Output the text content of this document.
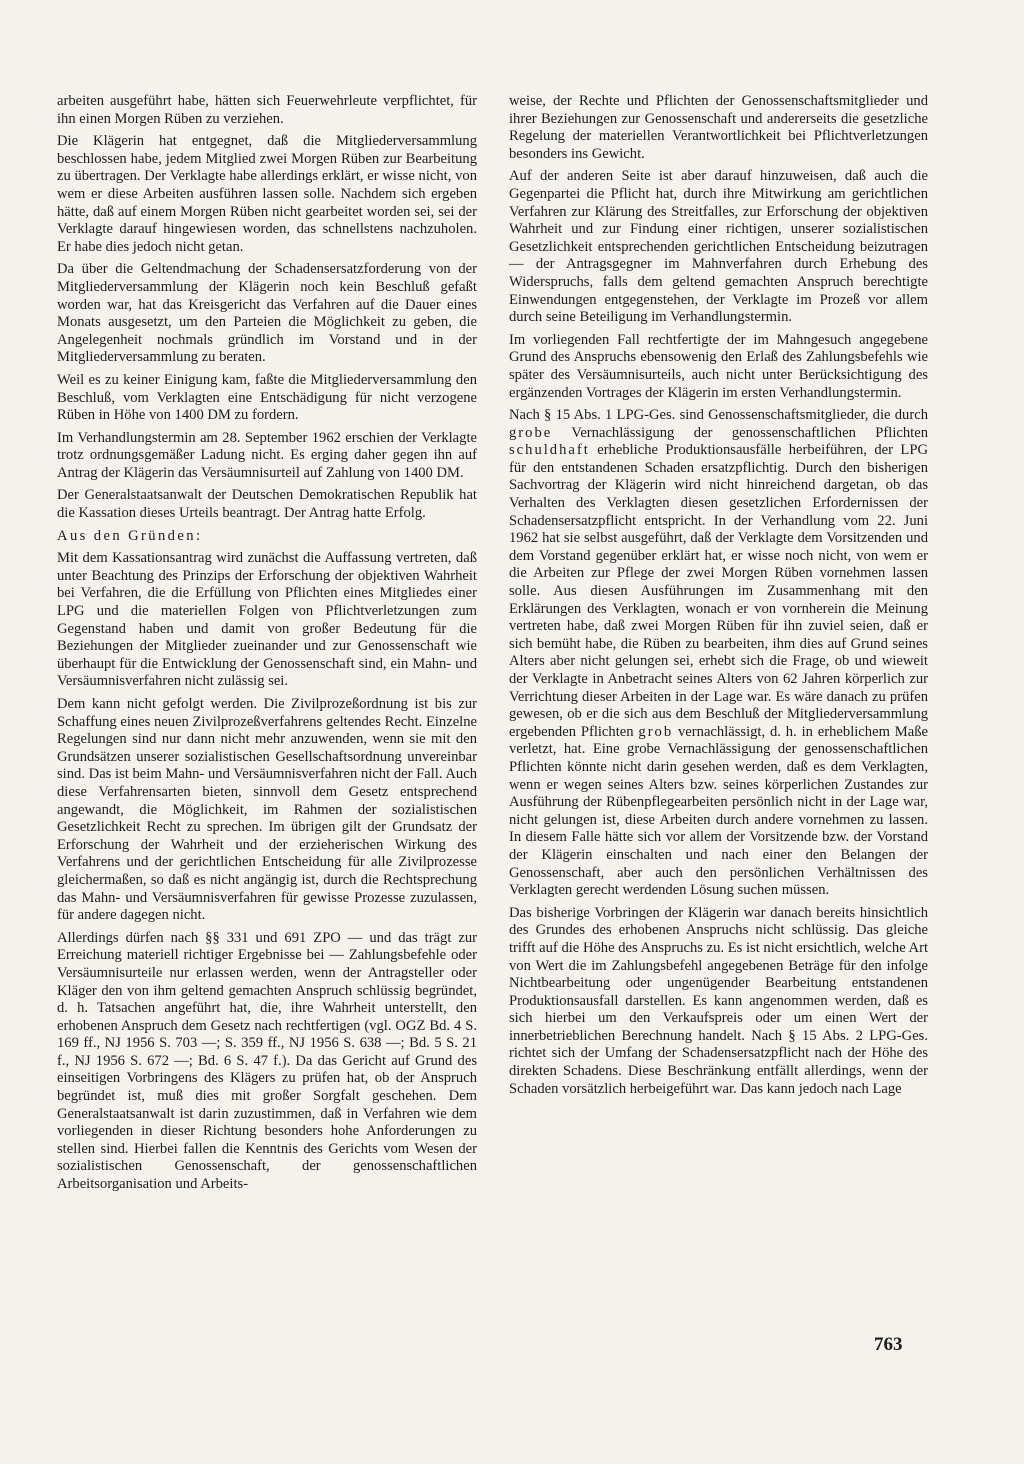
arbeiten ausgeführt habe, hätten sich Feuerwehrleute verpflichtet, für ihn einen Morgen Rüben zu verziehen.

Die Klägerin hat entgegnet, daß die Mitgliederversammlung beschlossen habe, jedem Mitglied zwei Morgen Rüben zur Bearbeitung zu übertragen. Der Verklagte habe allerdings erklärt, er wisse nicht, von wem er diese Arbeiten ausführen lassen solle. Nachdem sich ergeben hätte, daß auf einem Morgen Rüben nicht gearbeitet worden sei, sei der Verklagte darauf hingewiesen worden, das schnellstens nachzuholen. Er habe dies jedoch nicht getan.

Da über die Geltendmachung der Schadensersatzforderung von der Mitgliederversammlung der Klägerin noch kein Beschluß gefaßt worden war, hat das Kreisgericht das Verfahren auf die Dauer eines Monats ausgesetzt, um den Parteien die Möglichkeit zu geben, die Angelegenheit nochmals gründlich im Vorstand und in der Mitgliederversammlung zu beraten.

Weil es zu keiner Einigung kam, faßte die Mitgliederversammlung den Beschluß, vom Verklagten eine Entschädigung für nicht verzogene Rüben in Höhe von 1400 DM zu fordern.

Im Verhandlungstermin am 28. September 1962 erschien der Verklagte trotz ordnungsgemäßer Ladung nicht. Es erging daher gegen ihn auf Antrag der Klägerin das Versäumnisurteil auf Zahlung von 1400 DM.

Der Generalstaatsanwalt der Deutschen Demokratischen Republik hat die Kassation dieses Urteils beantragt. Der Antrag hatte Erfolg.

Aus den Gründen:

Mit dem Kassationsantrag wird zunächst die Auffassung vertreten, daß unter Beachtung des Prinzips der Erforschung der objektiven Wahrheit bei Verfahren, die die Erfüllung von Pflichten eines Mitgliedes einer LPG und die materiellen Folgen von Pflichtverletzungen zum Gegenstand haben und damit von großer Bedeutung für die Beziehungen der Mitglieder zueinander und zur Genossenschaft wie überhaupt für die Entwicklung der Genossenschaft sind, ein Mahn- und Versäumnisverfahren nicht zulässig sei.

Dem kann nicht gefolgt werden. Die Zivilprozeßordnung ist bis zur Schaffung eines neuen Zivilprozeßverfahrens geltendes Recht. Einzelne Regelungen sind nur dann nicht mehr anzuwenden, wenn sie mit den Grundsätzen unserer sozialistischen Gesellschaftsordnung unvereinbar sind. Das ist beim Mahn- und Versäumnisverfahren nicht der Fall. Auch diese Verfahrensarten bieten, sinnvoll dem Gesetz entsprechend angewandt, die Möglichkeit, im Rahmen der sozialistischen Gesetzlichkeit Recht zu sprechen. Im übrigen gilt der Grundsatz der Erforschung der Wahrheit und der erzieherischen Wirkung des Verfahrens und der gerichtlichen Entscheidung für alle Zivilprozesse gleichermaßen, so daß es nicht angängig ist, durch die Rechtsprechung das Mahn- und Versäumnisverfahren für gewisse Prozesse zuzulassen, für andere dagegen nicht.

Allerdings dürfen nach §§ 331 und 691 ZPO — und das trägt zur Erreichung materiell richtiger Ergebnisse bei — Zahlungsbefehle oder Versäumnisurteile nur erlassen werden, wenn der Antragsteller oder Kläger den von ihm geltend gemachten Anspruch schlüssig begründet, d. h. Tatsachen angeführt hat, die, ihre Wahrheit unterstellt, den erhobenen Anspruch dem Gesetz nach rechtfertigen (vgl. OGZ Bd. 4 S. 169 ff., NJ 1956 S. 703 —; S. 359 ff., NJ 1956 S. 638 —; Bd. 5 S. 21 f., NJ 1956 S. 672 —; Bd. 6 S. 47 f.). Da das Gericht auf Grund des einseitigen Vorbringens des Klägers zu prüfen hat, ob der Anspruch begründet ist, muß dies mit großer Sorgfalt geschehen. Dem Generalstaatsanwalt ist darin zuzustimmen, daß in Verfahren wie dem vorliegenden in dieser Richtung besonders hohe Anforderungen zu stellen sind. Hierbei fallen die Kenntnis des Gerichts vom Wesen der sozialistischen Genossenschaft, der genossenschaftlichen Arbeitsorganisation und Arbeits-

weise, der Rechte und Pflichten der Genossenschaftsmitglieder und ihrer Beziehungen zur Genossenschaft und andererseits die gesetzliche Regelung der materiellen Verantwortlichkeit bei Pflichtverletzungen besonders ins Gewicht.

Auf der anderen Seite ist aber darauf hinzuweisen, daß auch die Gegenpartei die Pflicht hat, durch ihre Mitwirkung am gerichtlichen Verfahren zur Klärung des Streitfalles, zur Erforschung der objektiven Wahrheit und zur Findung einer richtigen, unserer sozialistischen Gesetzlichkeit entsprechenden gerichtlichen Entscheidung beizutragen — der Antragsgegner im Mahnverfahren durch Erhebung des Widerspruchs, falls dem geltend gemachten Anspruch berechtigte Einwendungen entgegenstehen, der Verklagte im Prozeß vor allem durch seine Beteiligung im Verhandlungstermin.

Im vorliegenden Fall rechtfertigte der im Mahngesuch angegebene Grund des Anspruchs ebensowenig den Erlaß des Zahlungsbefehls wie später des Versäumnisurteils, auch nicht unter Berücksichtigung des ergänzenden Vortrages der Klägerin im ersten Verhandlungstermin.

Nach § 15 Abs. 1 LPG-Ges. sind Genossenschaftsmitglieder, die durch grobe Vernachlässigung der genossenschaftlichen Pflichten schuldhaft erhebliche Produktionsausfälle herbeiführen, der LPG für den entstandenen Schaden ersatzpflichtig. Durch den bisherigen Sachvortrag der Klägerin wird nicht hinreichend dargetan, ob das Verhalten des Verklagten diesen gesetzlichen Erfordernissen der Schadensersatzpflicht entspricht. In der Verhandlung vom 22. Juni 1962 hat sie selbst ausgeführt, daß der Verklagte dem Vorsitzenden und dem Vorstand gegenüber erklärt hat, er wisse noch nicht, von wem er die Arbeiten zur Pflege der zwei Morgen Rüben vornehmen lassen solle. Aus diesen Ausführungen im Zusammenhang mit den Erklärungen des Verklagten, wonach er von vornherein die Meinung vertreten habe, daß zwei Morgen Rüben für ihn zuviel seien, daß er sich bemüht habe, die Rüben zu bearbeiten, ihm dies auf Grund seines Alters aber nicht gelungen sei, erhebt sich die Frage, ob und wieweit der Verklagte in Anbetracht seines Alters von 62 Jahren körperlich zur Verrichtung dieser Arbeiten in der Lage war. Es wäre danach zu prüfen gewesen, ob er die sich aus dem Beschluß der Mitgliederversammlung ergebenden Pflichten grob vernachlässigt, d. h. in erheblichem Maße verletzt, hat. Eine grobe Vernachlässigung der genossenschaftlichen Pflichten könnte nicht darin gesehen werden, daß es dem Verklagten, wenn er wegen seines Alters bzw. seines körperlichen Zustandes zur Ausführung der Rübenpflegearbeiten persönlich nicht in der Lage war, nicht gelungen ist, diese Arbeiten durch andere vornehmen zu lassen. In diesem Falle hätte sich vor allem der Vorsitzende bzw. der Vorstand der Klägerin einschalten und nach einer den Belangen der Genossenschaft, aber auch den persönlichen Verhältnissen des Verklagten gerecht werdenden Lösung suchen müssen.

Das bisherige Vorbringen der Klägerin war danach bereits hinsichtlich des Grundes des erhobenen Anspruchs nicht schlüssig. Das gleiche trifft auf die Höhe des Anspruchs zu. Es ist nicht ersichtlich, welche Art von Wert die im Zahlungsbefehl angegebenen Beträge für den infolge Nichtbearbeitung oder ungenügender Bearbeitung entstandenen Produktionsausfall darstellen. Es kann angenommen werden, daß es sich hierbei um den Verkaufspreis oder um einen Wert der innerbetrieblichen Berechnung handelt. Nach § 15 Abs. 2 LPG-Ges. richtet sich der Umfang der Schadensersatzpflicht nach der Höhe des direkten Schadens. Diese Beschränkung entfällt allerdings, wenn der Schaden vorsätzlich herbeigeführt war. Das kann jedoch nach Lage

763
